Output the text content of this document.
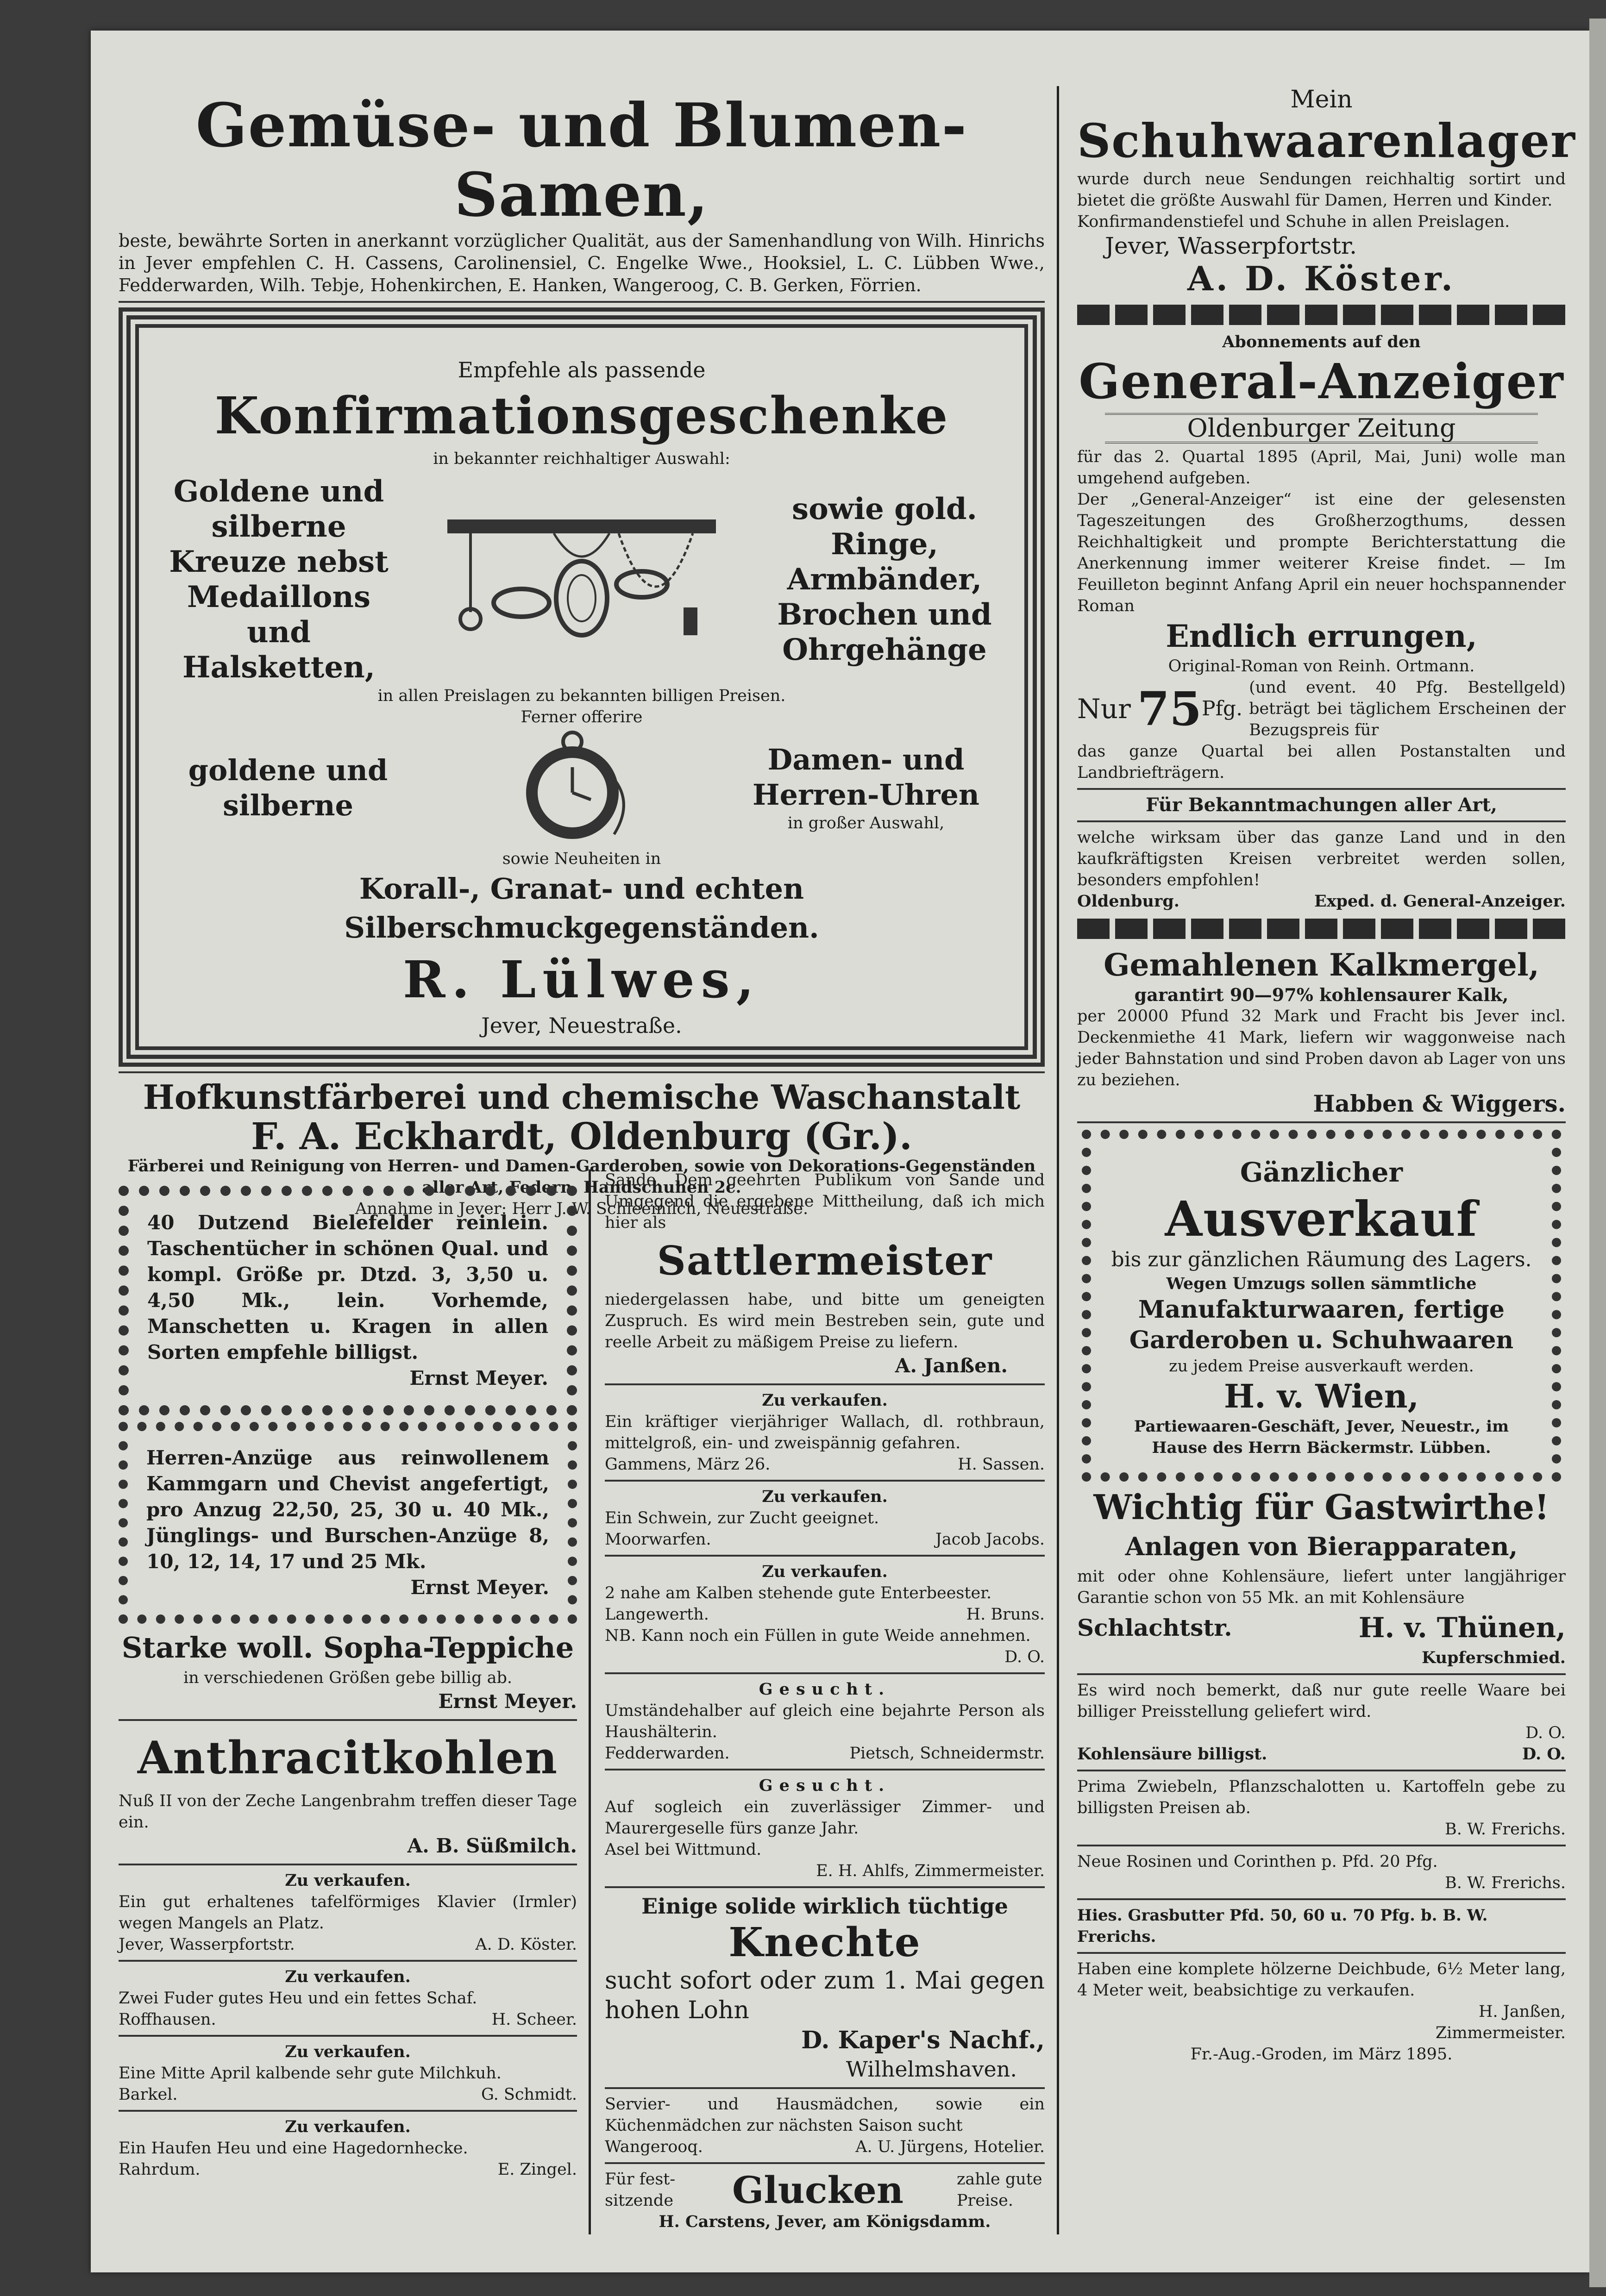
Gemüse- und Blumen-Samen,
beste, bewährte Sorten in anerkannt vorzüglicher Qualität, aus der Samenhandlung von Wilh. Hinrichs in Jever empfehlen C. H. Cassens, Carolinensiel, C. Engelke Wwe., Hooksiel, L. C. Lübben Wwe., Fedderwarden, Wilh. Tebje, Hohenkirchen, E. Hanken, Wangeroog, C. B. Gerken, Förrien.
Empfehle als passende
Konfirmationsgeschenke
in bekannter reichhaltiger Auswahl:
Goldene und silberne Kreuze nebst Medaillons und Halsketten,
sowie gold. Ringe, Armbänder, Brochen und Ohrgehänge
in allen Preislagen zu bekannten billigen Preisen.
Ferner offerire
goldene und silberne
Damen- und Herren-Uhren
in großer Auswahl,
sowie Neuheiten in
Korall-, Granat- und echten Silberschmuckgegenständen.
R. Lülwes,
Jever, Neuestraße.
Hofkunstfärberei und chemische Waschanstalt
F. A. Eckhardt, Oldenburg (Gr.).
Färberei und Reinigung von Herren- und Damen-Garderoben, sowie von Dekorations-Gegenständen aller Art, Federn, Handschuhen 2c.
Annahme in Jever: Herr J. W. Schleemilch, Neuestraße.
40 Dutzend Bielefelder reinlein. Taschentücher in schönen Qual. und kompl. Größe pr. Dtzd. 3, 3,50 u. 4,50 Mk., lein. Vorhemde, Manschetten u. Kragen in allen Sorten empfehle billigst.
Ernst Meyer.
Herren-Anzüge aus reinwollenem Kammgarn und Chevist angefertigt, pro Anzug 22,50, 25, 30 u. 40 Mk., Jünglings- und Burschen-Anzüge 8, 10, 12, 14, 17 und 25 Mk.
Ernst Meyer.
Starke woll. Sopha-Teppiche
in verschiedenen Größen gebe billig ab.
Ernst Meyer.
Anthracitkohlen
Nuß II von der Zeche Langenbrahm treffen dieser Tage ein.
A. B. Süßmilch.
Zu verkaufen.
Ein gut erhaltenes tafelförmiges Klavier (Irmler) wegen Mangels an Platz.
Jever, Wasserpfortstr.	A. D. Köster.
Zu verkaufen.
Zwei Fuder gutes Heu und ein fettes Schaf.
Roffhausen.	H. Scheer.
Zu verkaufen.
Eine Mitte April kalbende sehr gute Milchkuh.
Barkel.	G. Schmidt.
Zu verkaufen.
Ein Haufen Heu und eine Hagedornhecke.
Rahrdum.	E. Zingel.
Sande. Dem geehrten Publikum von Sande und Umgegend die ergebene Mittheilung, daß ich mich hier als
Sattlermeister
niedergelassen habe, und bitte um geneigten Zuspruch. Es wird mein Bestreben sein, gute und reelle Arbeit zu mäßigem Preise zu liefern.
A. Janßen.
Zu verkaufen.
Ein kräftiger vierjähriger Wallach, dl. rothbraun, mittelgroß, ein- und zweispännig gefahren.
Gammens, März 26.	H. Sassen.
Zu verkaufen.
Ein Schwein, zur Zucht geeignet.
Moorwarfen.	Jacob Jacobs.
Zu verkaufen.
2 nahe am Kalben stehende gute Enterbeester.
Langewerth.	H. Bruns.
NB. Kann noch ein Füllen in gute Weide annehmen.
D. O.
Gesucht.
Umständehalber auf gleich eine bejahrte Person als Haushälterin.
Fedderwarden.	Pietsch, Schneidermstr.
Gesucht.
Auf sogleich ein zuverlässiger Zimmer- und Maurergeselle fürs ganze Jahr.
Asel bei Wittmund.
E. H. Ahlfs, Zimmermeister.
Einige solide wirklich tüchtige
Knechte
sucht sofort oder zum 1. Mai gegen hohen Lohn
D. Kaper's Nachf.,
Wilhelmshaven.
Servier- und Hausmädchen, sowie ein Küchenmädchen zur nächsten Saison sucht
Wangerooq.	A. U. Jürgens, Hotelier.
Für fest-sitzende Glucken	zahle gute Preise.
H. Carstens, Jever, am Königsdamm.
Mein
Schuhwaarenlager
wurde durch neue Sendungen reichhaltig sortirt und bietet die größte Auswahl für Damen, Herren und Kinder.
Konfirmandenstiefel und Schuhe in allen Preislagen.
Jever, Wasserpfortstr.
A. D. Köster.
Abonnements auf den
General-Anzeiger
Oldenburger Zeitung
für das 2. Quartal 1895 (April, Mai, Juni) wolle man umgehend aufgeben.
Der „General-Anzeiger“ ist eine der gelesensten Tageszeitungen des Großherzogthums, dessen Reichhaltigkeit und prompte Berichterstattung die Anerkennung immer weiterer Kreise findet. — Im Feuilleton beginnt Anfang April ein neuer hochspannender Roman
Endlich errungen,
Original-Roman von Reinh. Ortmann.
Nur 75 Pfg.
(und event. 40 Pfg. Bestellgeld) beträgt bei täglichem Erscheinen der Bezugspreis für
das ganze Quartal bei allen Postanstalten und Landbriefträgern.
Für Bekanntmachungen aller Art,
welche wirksam über das ganze Land und in den kaufkräftigsten Kreisen verbreitet werden sollen, besonders empfohlen!
Oldenburg.	Exped. d. General-Anzeiger.
Gemahlenen Kalkmergel,
garantirt 90—97% kohlensaurer Kalk,
per 20000 Pfund 32 Mark und Fracht bis Jever incl. Deckenmiethe 41 Mark, liefern wir waggonweise nach jeder Bahnstation und sind Proben davon ab Lager von uns zu beziehen.
Habben & Wiggers.
Gänzlicher
Ausverkauf
bis zur gänzlichen Räumung des Lagers.
Wegen Umzugs sollen sämmtliche
Manufakturwaaren, fertige Garderoben u. Schuhwaaren
zu jedem Preise ausverkauft werden.
H. v. Wien,
Partiewaaren-Geschäft, Jever, Neuestr., im Hause des Herrn Bäckermstr. Lübben.
Wichtig für Gastwirthe!
Anlagen von Bierapparaten,
mit oder ohne Kohlensäure, liefert unter langjähriger Garantie schon von 55 Mk. an mit Kohlensäure
Schlachtstr.	H. v. Thünen,
Kupferschmied.
Es wird noch bemerkt, daß nur gute reelle Waare bei billiger Preisstellung geliefert wird.
D. O.
Kohlensäure billigst.	D. O.
Prima Zwiebeln, Pflanzschalotten u. Kartoffeln gebe zu billigsten Preisen ab.
B. W. Frerichs.
Neue Rosinen und Corinthen p. Pfd. 20 Pfg.
B. W. Frerichs.
Hies. Grasbutter Pfd. 50, 60 u. 70 Pfg. b. B. W. Frerichs.
Haben eine komplete hölzerne Deichbude, 6½ Meter lang, 4 Meter weit, beabsichtige zu verkaufen.
H. Janßen,
Zimmermeister.
Fr.-Aug.-Groden, im März 1895.
